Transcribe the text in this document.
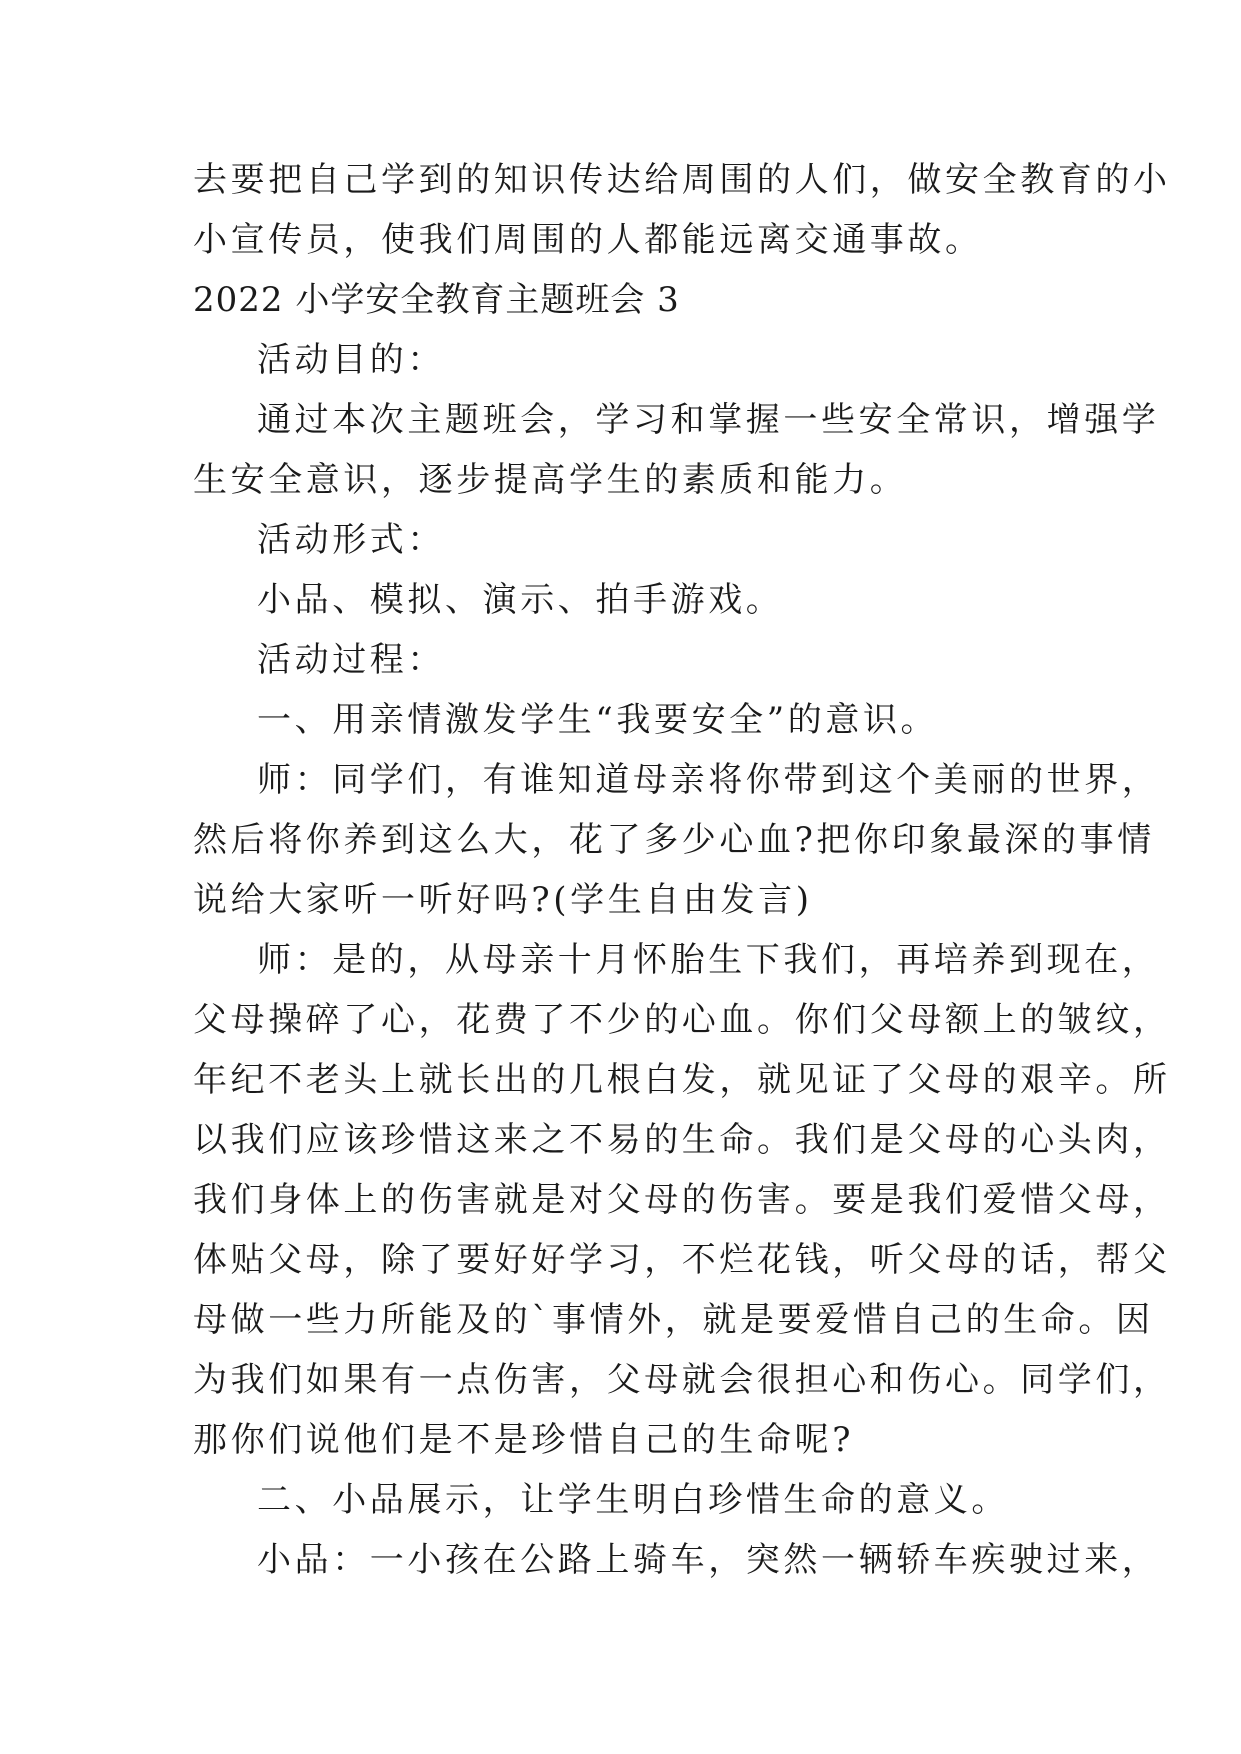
去要把自己学到的知识传达给周围的人们，做安全教育的小

小宣传员，使我们周围的人都能远离交通事故。

2022 小学安全教育主题班会 3

活动目的：

通过本次主题班会，学习和掌握一些安全常识，增强学

生安全意识，逐步提高学生的素质和能力。

活动形式：

小品、模拟、演示、拍手游戏。

活动过程：

一、用亲情激发学生“我要安全”的意识。

师：同学们，有谁知道母亲将你带到这个美丽的世界，

然后将你养到这么大，花了多少心血?把你印象最深的事情

说给大家听一听好吗?(学生自由发言)

师：是的，从母亲十月怀胎生下我们，再培养到现在，

父母操碎了心，花费了不少的心血。你们父母额上的皱纹，

年纪不老头上就长出的几根白发，就见证了父母的艰辛。所

以我们应该珍惜这来之不易的生命。我们是父母的心头肉，

我们身体上的伤害就是对父母的伤害。要是我们爱惜父母，

体贴父母，除了要好好学习，不烂花钱，听父母的话，帮父

母做一些力所能及的`事情外，就是要爱惜自己的生命。因

为我们如果有一点伤害，父母就会很担心和伤心。同学们，

那你们说他们是不是珍惜自己的生命呢?

二、小品展示，让学生明白珍惜生命的意义。

小品：一小孩在公路上骑车，突然一辆轿车疾驶过来，
